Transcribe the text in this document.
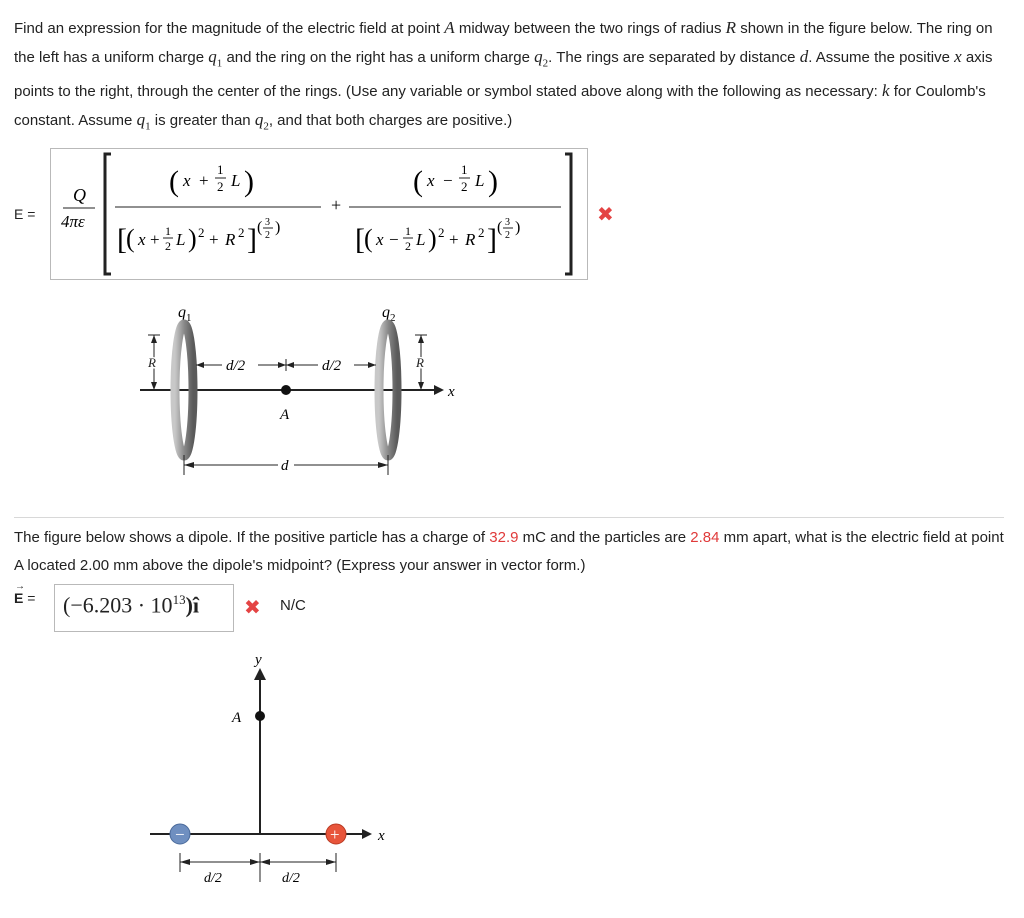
Find an expression for the magnitude of the electric field at point A midway between the two rings of radius R shown in the figure below. The ring on the left has a uniform charge $q_1$ and the ring on the right has a uniform charge $q_2$. The rings are separated by distance d. Assume the positive x axis points to the right, through the center of the rings. (Use any variable or symbol stated above along with the following as necessary: k for Coulomb's constant. Assume $q_1$ is greater than $q_2$, and that both charges are positive.)
E =
Q
4πε
( x +
1
2 L )
[ ( x + 1
2 L ) 2 + R 2 ] ( 3
2 )
+
( x −
1
2 L )
[ ( x − 1
2 L ) 2 + R 2 ] ( 3
2 )
✖
$q_1$	$q_2$
x
R	R
d/2	d/2
A
d
The figure below shows a dipole. If the positive particle has a charge of 32.9 mC and the particles are 2.84 mm apart, what is the electric field at point A located 2.00 mm above the dipole's midpoint? (Express your answer in vector form.)
→
$E = (-6.203 \cdot 10^{13})î$ ✖ N/C
y
A
x
−	+
d/2	d/2
